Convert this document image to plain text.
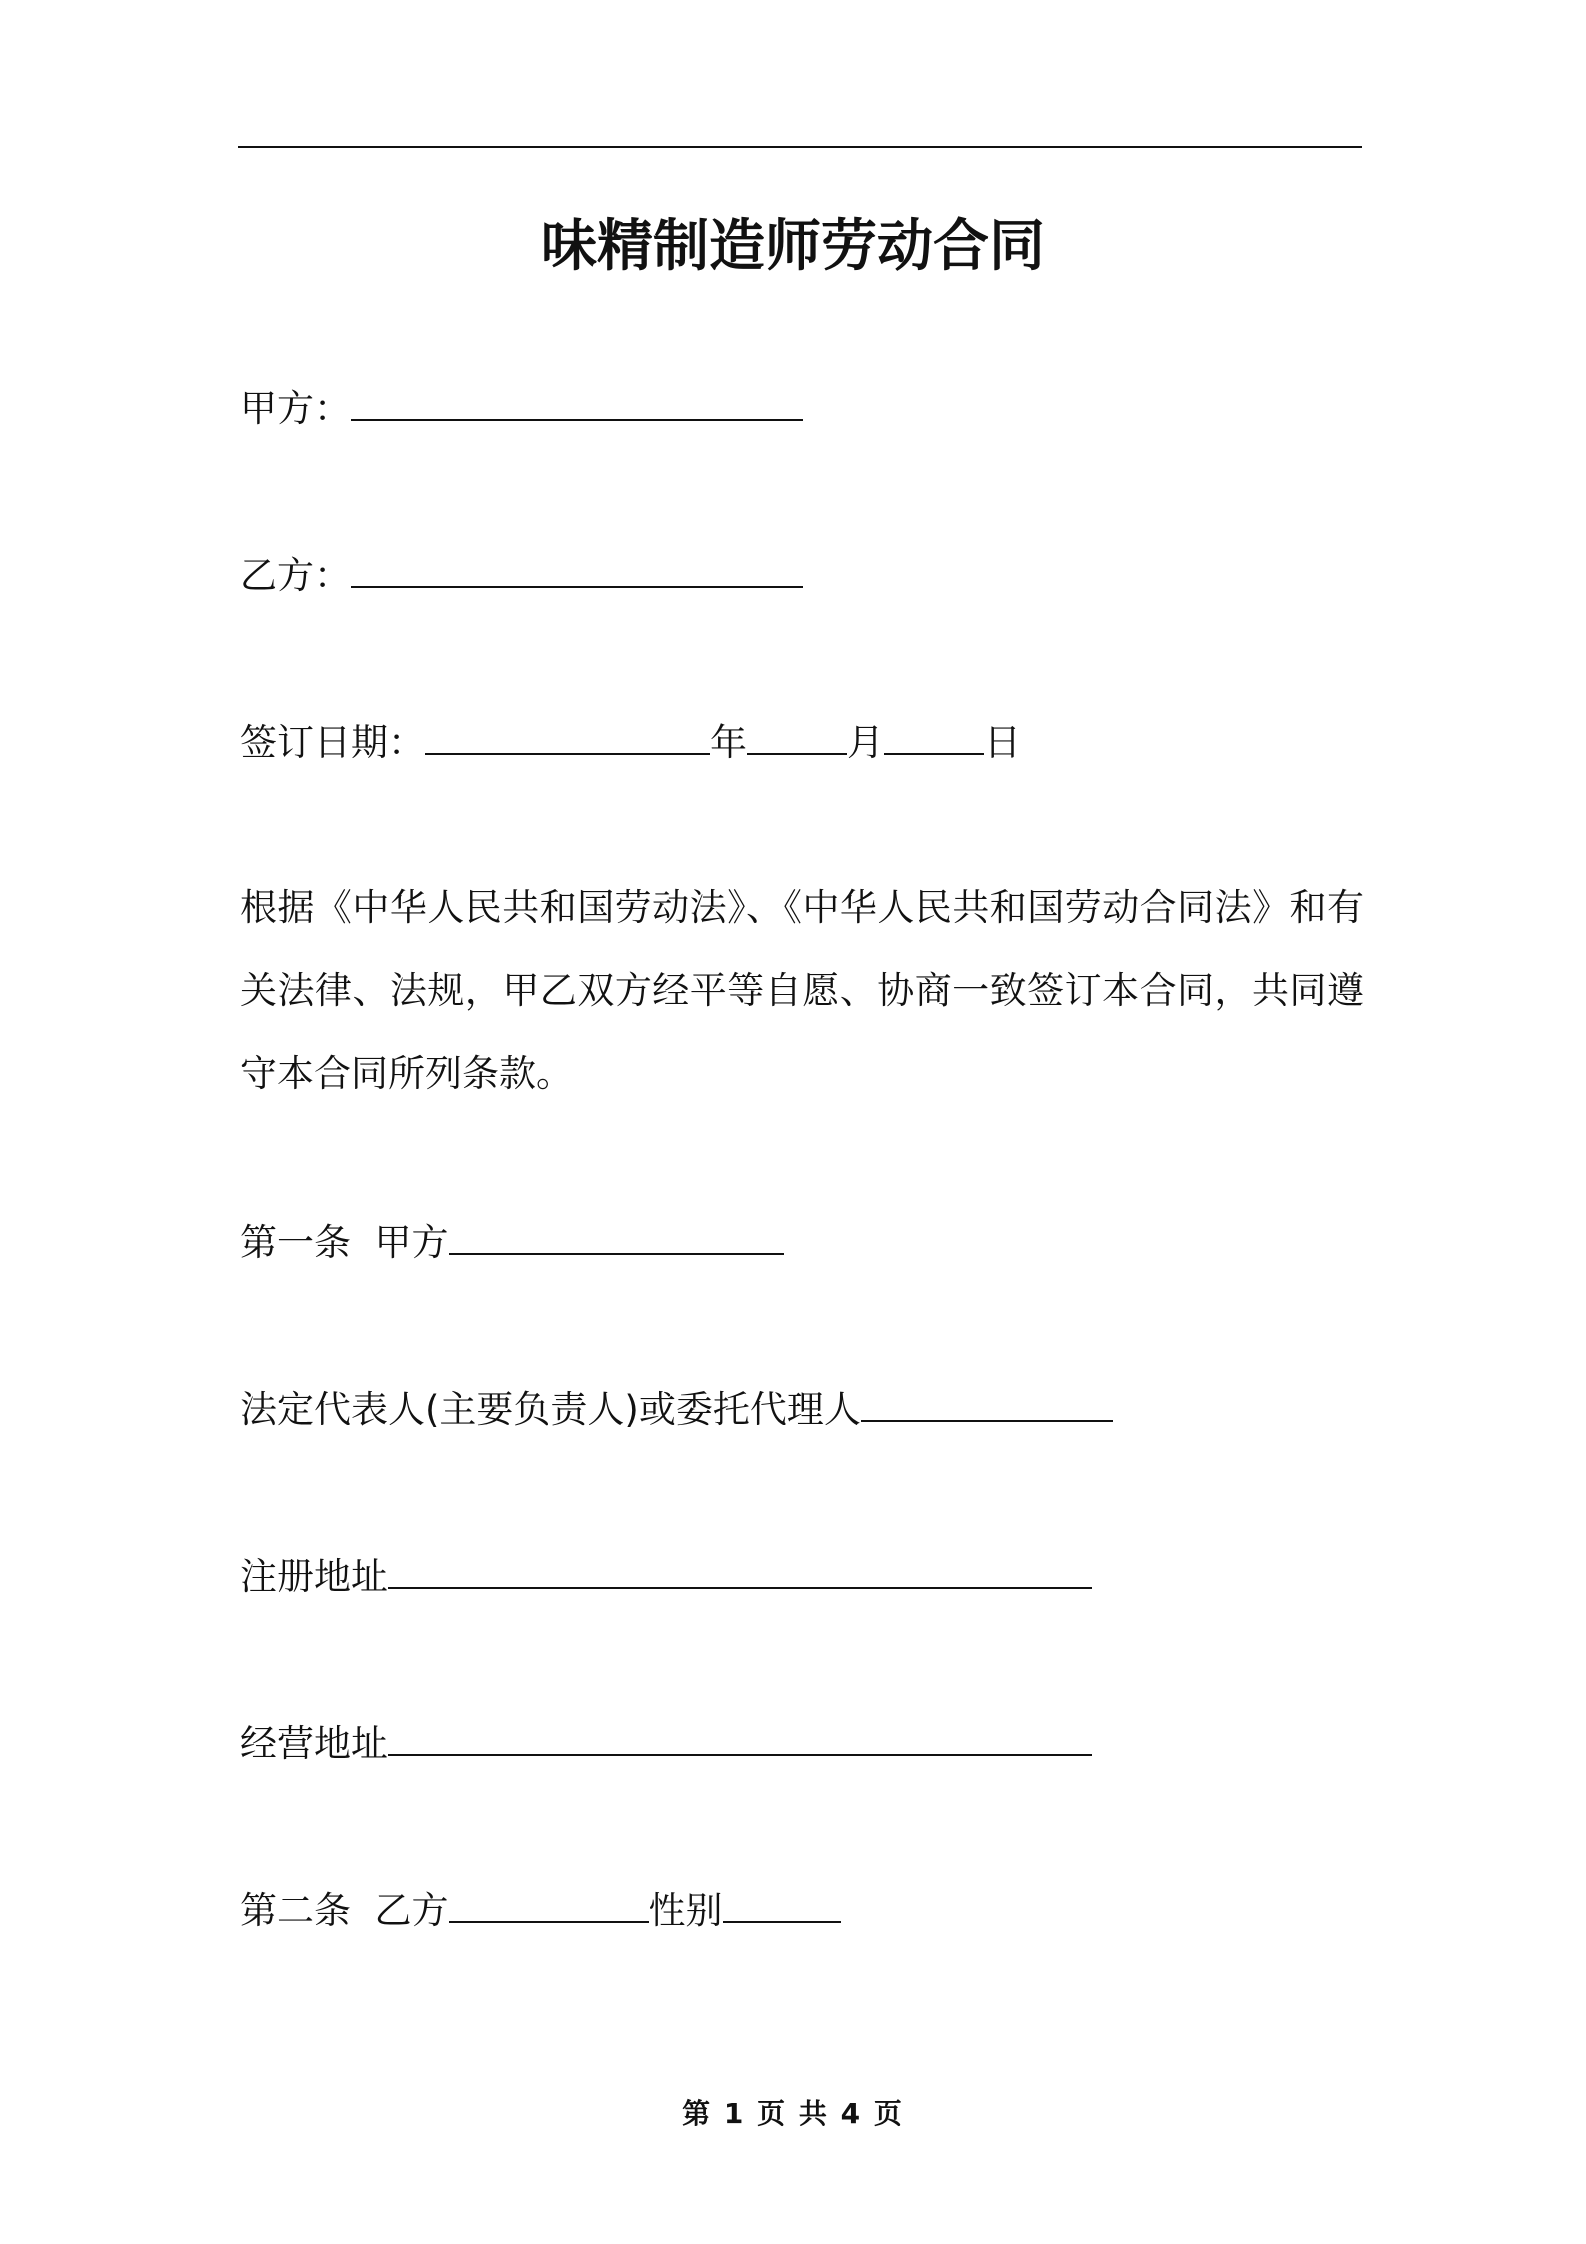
味精制造师劳动合同
甲方：
乙方：
签订日期：	年	月	日
根据《中华人民共和国劳动法》、《中华人民共和国劳动合同法》和有关法律、法规，甲乙双方经平等自愿、协商一致签订本合同，共同遵守本合同所列条款。
第一条  甲方
法定代表人(主要负责人)或委托代理人
注册地址
经营地址
第二条  乙方	性别
第 1 页 共 4 页
